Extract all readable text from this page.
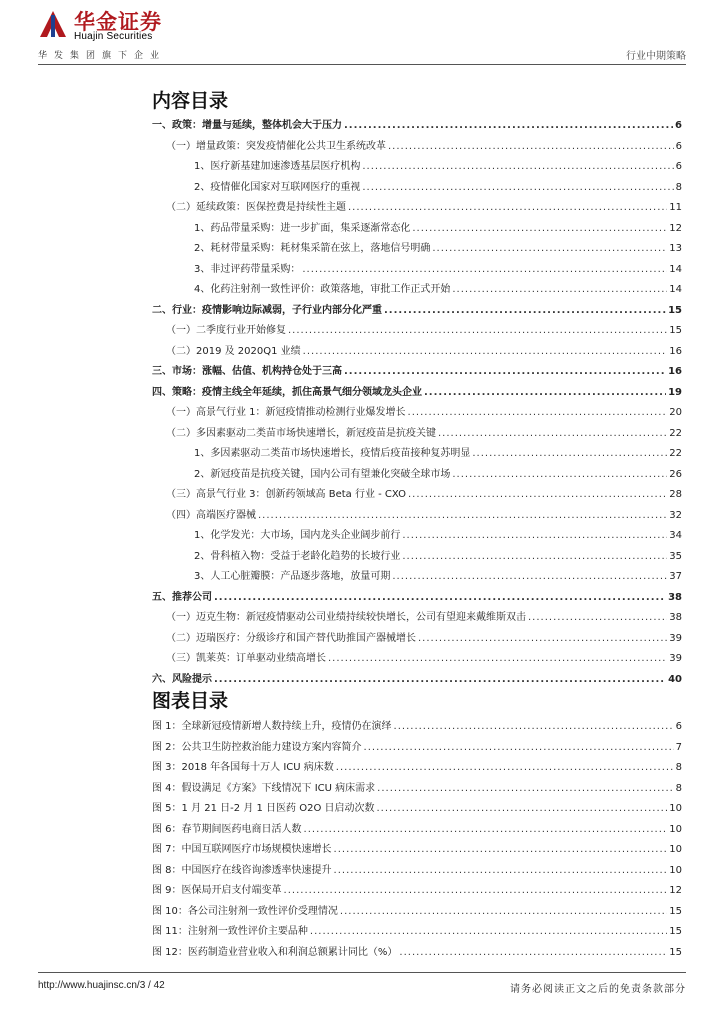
华金证券
Huajin Securities
华发集团旗下企业	行业中期策略
内容目录
一、政策：增量与延续，整体机会大于压力 .....	6
（一）增量政策：突发疫情催化公共卫生系统改革 .....	6
1、医疗新基建加速渗透基层医疗机构 .....	6
2、疫情催化国家对互联网医疗的重视 .....	8
（二）延续政策：医保控费是持续性主题 .....	11
1、药品带量采购：进一步扩面，集采逐渐常态化 .....	12
2、耗材带量采购：耗材集采箭在弦上，落地信号明确 .....	13
3、非过评药带量采购： .....	14
4、化药注射剂一致性评价：政策落地，审批工作正式开始 .....	14
二、行业：疫情影响边际减弱，子行业内部分化严重 .....	15
（一）二季度行业开始修复 .....	15
（二）2019 及 2020Q1 业绩 .....	16
三、市场：涨幅、估值、机构持仓处于三高 .....	16
四、策略：疫情主线全年延续，抓住高景气细分领域龙头企业 .....	19
（一）高景气行业 1：新冠疫情推动检测行业爆发增长 .....	20
（二）多因素驱动二类苗市场快速增长，新冠疫苗是抗疫关键 .....	22
1、多因素驱动二类苗市场快速增长，疫情后疫苗接种复苏明显 .....	22
2、新冠疫苗是抗疫关键，国内公司有望兼化突破全球市场 .....	26
（三）高景气行业 3：创新药领域高 Beta 行业 - CXO .....	28
（四）高端医疗器械 .....	32
1、化学发光：大市场，国内龙头企业阔步前行 .....	34
2、骨科植入物：受益于老龄化趋势的长坡行业 .....	35
3、人工心脏瓣膜：产品逐步落地，放量可期 .....	37
五、推荐公司 .....	38
（一）迈克生物：新冠疫情驱动公司业绩持续较快增长，公司有望迎来戴维斯双击 .....	38
（二）迈瑞医疗：分级诊疗和国产替代助推国产器械增长 .....	39
（三）凯莱英：订单驱动业绩高增长 .....	39
六、风险提示 .....	40
图表目录
图 1：全球新冠疫情新增人数持续上升，疫情仍在演绎 .....	6
图 2：公共卫生防控救治能力建设方案内容简介 .....	7
图 3：2018 年各国每十万人 ICU 病床数 .....	8
图 4：假设满足《方案》下线情况下 ICU 病床需求 .....	8
图 5：1 月 21 日-2 月 1 日医药 O2O 日启动次数 .....	10
图 6：春节期间医药电商日活人数 .....	10
图 7：中国互联网医疗市场规模快速增长 .....	10
图 8：中国医疗在线咨询渗透率快速提升 .....	10
图 9：医保局开启支付端变革 .....	12
图 10：各公司注射剂一致性评价受理情况 .....	15
图 11：注射剂一致性评价主要品种 .....	15
图 12：医药制造业营业收入和利润总额累计同比（%） .....	15
http://www.huajinsc.cn/3 / 42	请务必阅读正文之后的免责条款部分
